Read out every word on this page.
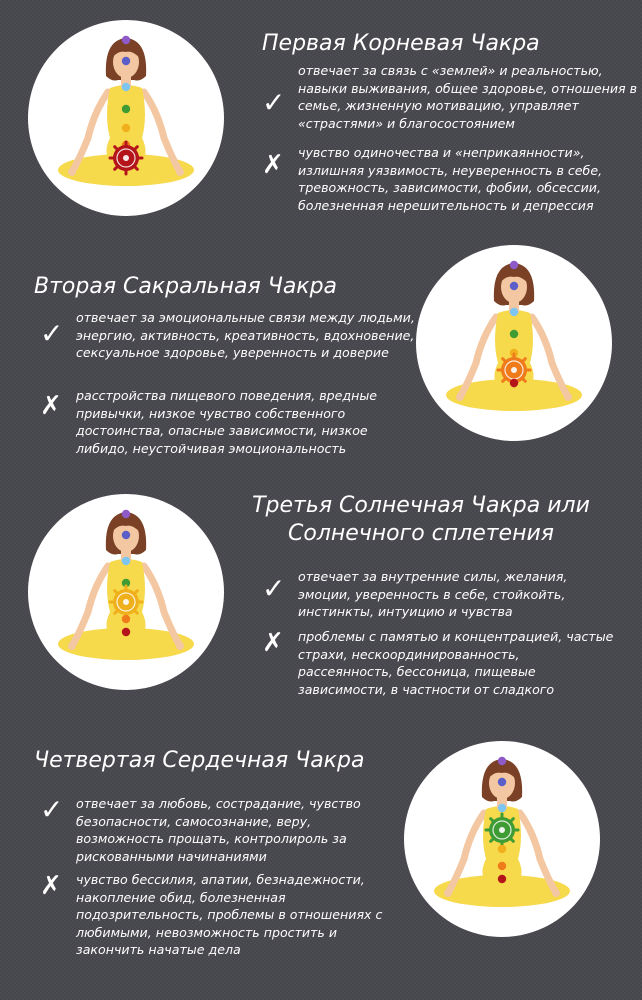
Первая Корневая Чакра
✓
отвечает за связь с «землей» и реальностью, навыки выживания, общее здоровье, отношения в семье, жизненную мотивацию, управляет «страстями» и благосостоянием
✗	чувство одиночества и «неприкаянности», излишняя уязвимость, неуверенность в себе, тревожность, зависимости, фобии, обсессии, болезненная нерешительность и депрессия
Вторая Сакральная Чакра
✓ отвечает за эмоциональные связи между людьми, энергию, активность, креативность, вдохновение, сексуальное здоровье, уверенность и доверие
✗	расстройства пищевого поведения, вредные привычки, низкое чувство собственного достоинства, опасные зависимости, низкое либидо, неустойчивая эмоциональность
Третья Солнечная Чакра или
Солнечного сплетения
✓ отвечает за внутренние силы, желания, эмоции, уверенность в себе, стойкойть, инстинкты, интуицию и чувства
✗	проблемы с памятью и концентрацией, частые страхи, нескоординированность, рассеянность, бессоница, пищевые зависимости, в частности от сладкого
Четвертая Сердечная Чакра
✓ отвечает за любовь, сострадание, чувство безопасности, самосознание, веру, возможность прощать, контролироль за рискованными начинаниями
✗	чувство бессилия, апатии, безнадежности, накопление обид, болезненная подозрительность, проблемы в отношениях с любимыми, невозможность простить и закончить начатые дела
